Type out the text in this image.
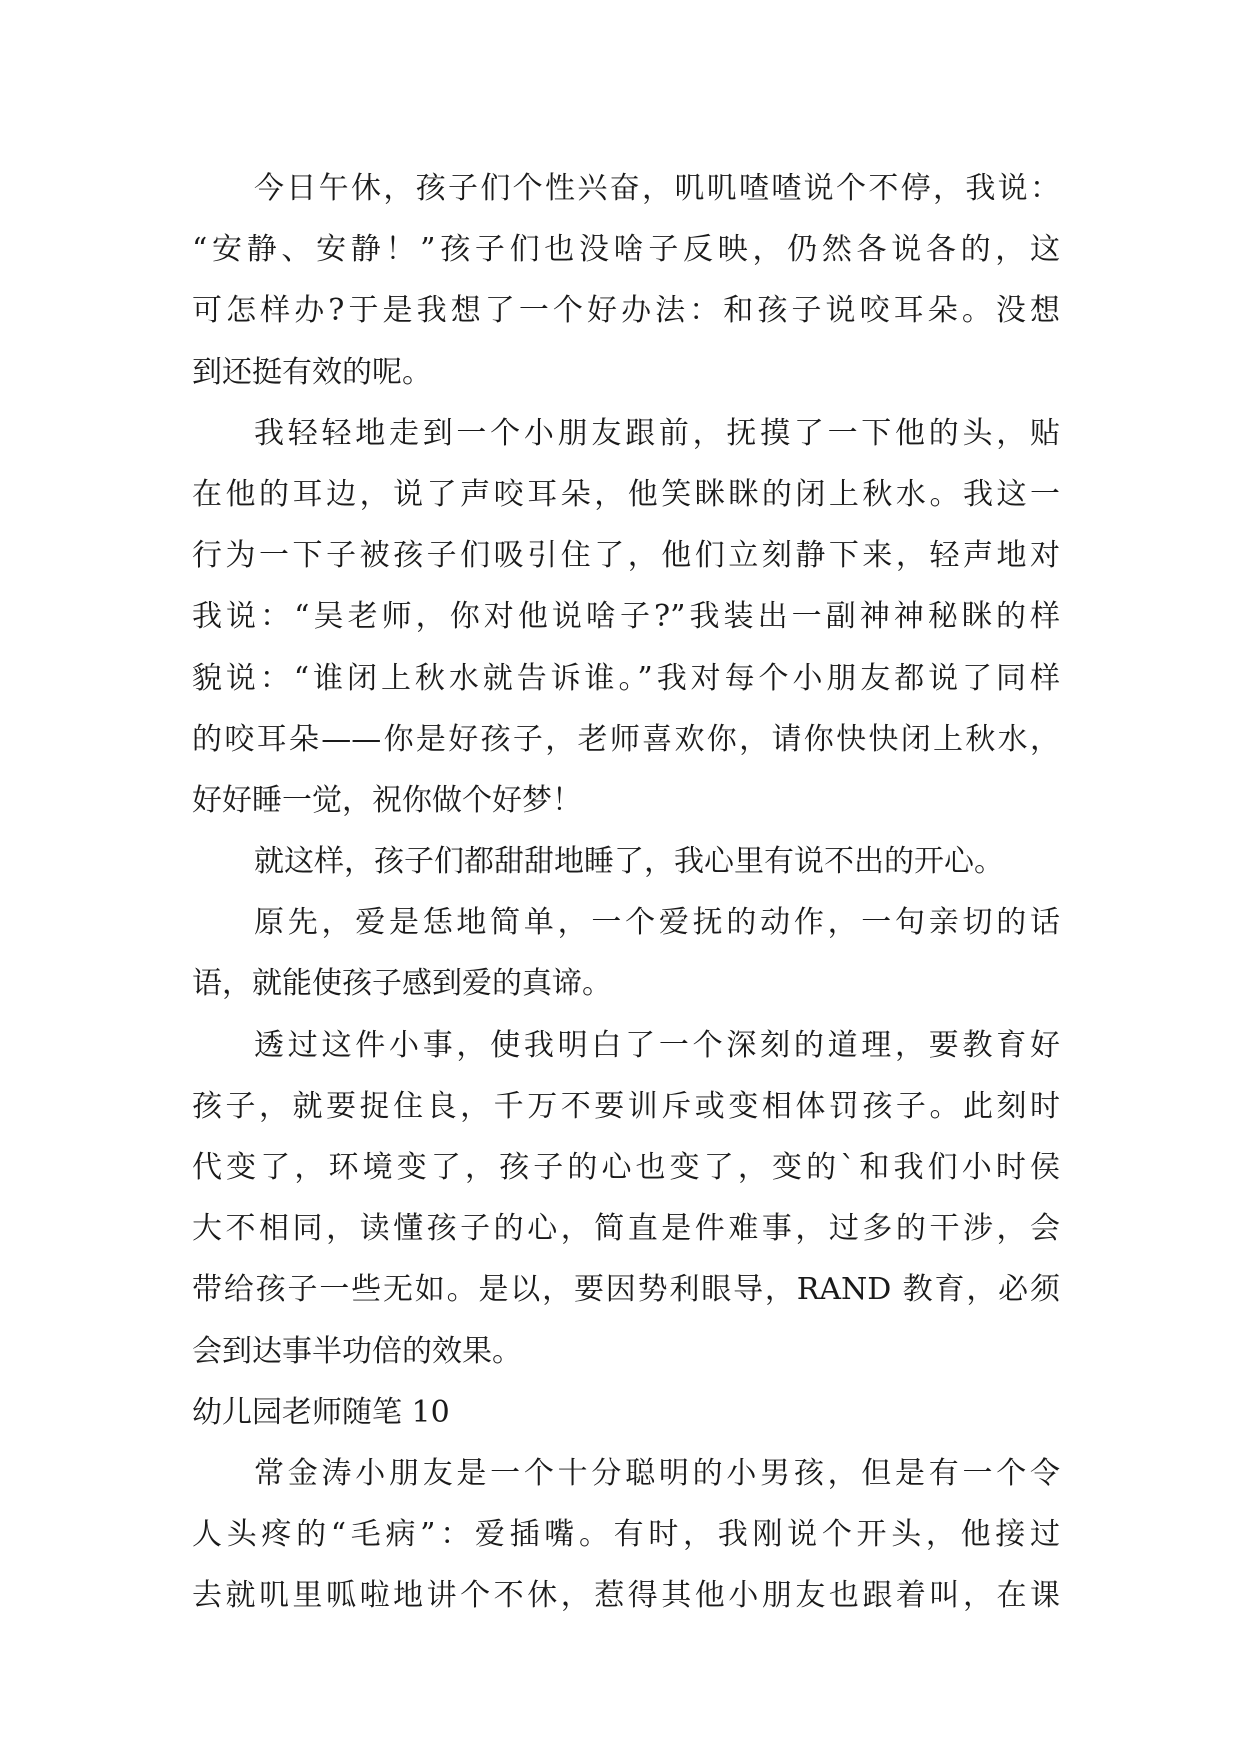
今日午休，孩子们个性兴奋，叽叽喳喳说个不停，我说：
“安静、安静！”孩子们也没啥子反映，仍然各说各的，这
可怎样办?于是我想了一个好办法：和孩子说咬耳朵。没想
到还挺有效的呢。
我轻轻地走到一个小朋友跟前，抚摸了一下他的头，贴
在他的耳边，说了声咬耳朵，他笑眯眯的闭上秋水。我这一
行为一下子被孩子们吸引住了，他们立刻静下来，轻声地对
我说：“吴老师，你对他说啥子?”我装出一副神神秘眯的样
貌说：“谁闭上秋水就告诉谁。”我对每个小朋友都说了同样
的咬耳朵——你是好孩子，老师喜欢你，请你快快闭上秋水，
好好睡一觉，祝你做个好梦！
就这样，孩子们都甜甜地睡了，我心里有说不出的开心。
原先，爱是恁地简单，一个爱抚的动作，一句亲切的话
语，就能使孩子感到爱的真谛。
透过这件小事，使我明白了一个深刻的道理，要教育好
孩子，就要捉住良，千万不要训斥或变相体罚孩子。此刻时
代变了，环境变了，孩子的心也变了，变的`和我们小时侯
大不相同，读懂孩子的心，简直是件难事，过多的干涉，会
带给孩子一些无如。是以，要因势利眼导，RAND 教育，必须
会到达事半功倍的效果。
幼儿园老师随笔 10
常金涛小朋友是一个十分聪明的小男孩，但是有一个令
人头疼的“毛病”：爱插嘴。有时，我刚说个开头，他接过
去就叽里呱啦地讲个不休，惹得其他小朋友也跟着叫，在课
